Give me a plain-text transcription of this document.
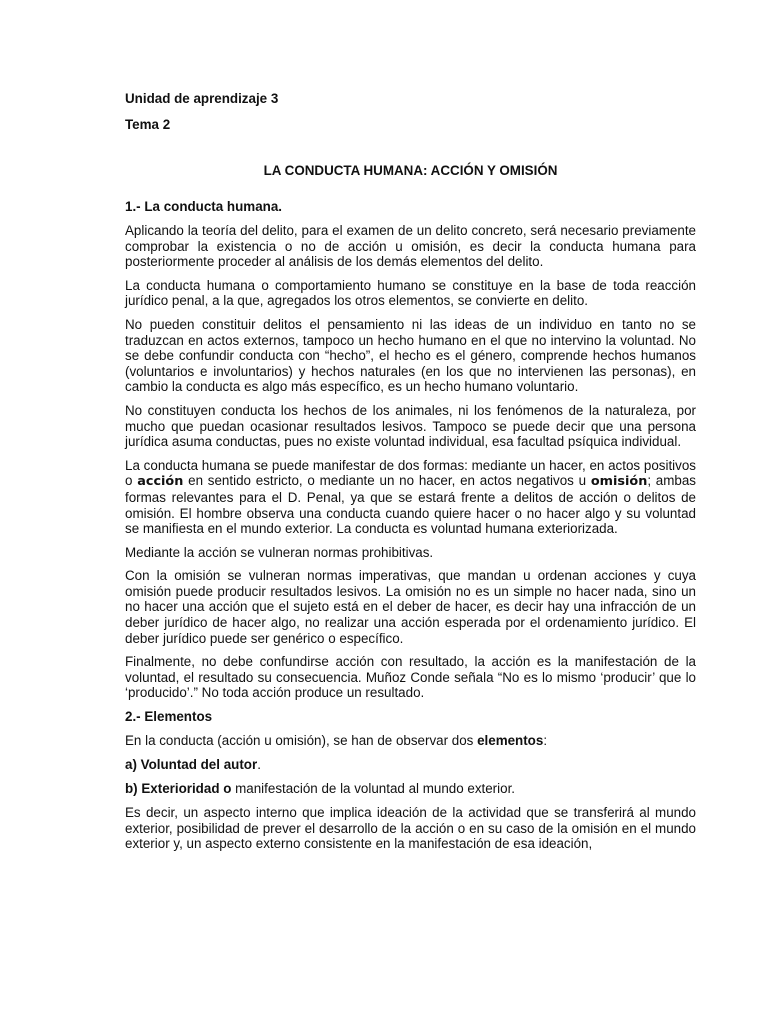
Unidad de aprendizaje 3
Tema 2
LA CONDUCTA HUMANA: ACCIÓN Y OMISIÓN
1.- La conducta humana.

Aplicando la teoría del delito, para el examen de un delito concreto, será necesario previamente comprobar la existencia o no de acción u omisión, es decir la conducta humana para posteriormente proceder al análisis de los demás elementos del delito.

La conducta humana o comportamiento humano se constituye en la base de toda reacción jurídico penal, a la que, agregados los otros elementos, se convierte en delito.

No pueden constituir delitos el pensamiento ni las ideas de un individuo en tanto no se traduzcan en actos externos, tampoco un hecho humano en el que no intervino la voluntad. No se debe confundir conducta con “hecho”, el hecho es el género, comprende hechos humanos (voluntarios e involuntarios) y hechos naturales (en los que no intervienen las personas), en cambio la conducta es algo más específico, es un hecho humano voluntario.

No constituyen conducta los hechos de los animales, ni los fenómenos de la naturaleza, por mucho que puedan ocasionar resultados lesivos. Tampoco se puede decir que una persona jurídica asuma conductas, pues no existe voluntad individual, esa facultad psíquica individual.

La conducta humana se puede manifestar de dos formas: mediante un hacer, en actos positivos o acción en sentido estricto, o mediante un no hacer, en actos negativos u omisión; ambas formas relevantes para el D. Penal, ya que se estará frente a delitos de acción o delitos de omisión. El hombre observa una conducta cuando quiere hacer o no hacer algo y su voluntad se manifiesta en el mundo exterior. La conducta es voluntad humana exteriorizada.

Mediante la acción se vulneran normas prohibitivas.

Con la omisión se vulneran normas imperativas, que mandan u ordenan acciones y cuya omisión puede producir resultados lesivos. La omisión no es un simple no hacer nada, sino un no hacer una acción que el sujeto está en el deber de hacer, es decir hay una infracción de un deber jurídico de hacer algo, no realizar una acción esperada por el ordenamiento jurídico. El deber jurídico puede ser genérico o específico.

Finalmente, no debe confundirse acción con resultado, la acción es la manifestación de la voluntad, el resultado su consecuencia. Muñoz Conde señala “No es lo mismo ‘producir’ que lo ‘producido’.” No toda acción produce un resultado.

2.- Elementos

En la conducta (acción u omisión), se han de observar dos elementos:

a) Voluntad del autor.

b) Exterioridad o manifestación de la voluntad al mundo exterior.

Es decir, un aspecto interno que implica ideación de la actividad que se transferirá al mundo exterior, posibilidad de prever el desarrollo de la acción o en su caso de la omisión en el mundo exterior y, un aspecto externo consistente en la manifestación de esa ideación,
